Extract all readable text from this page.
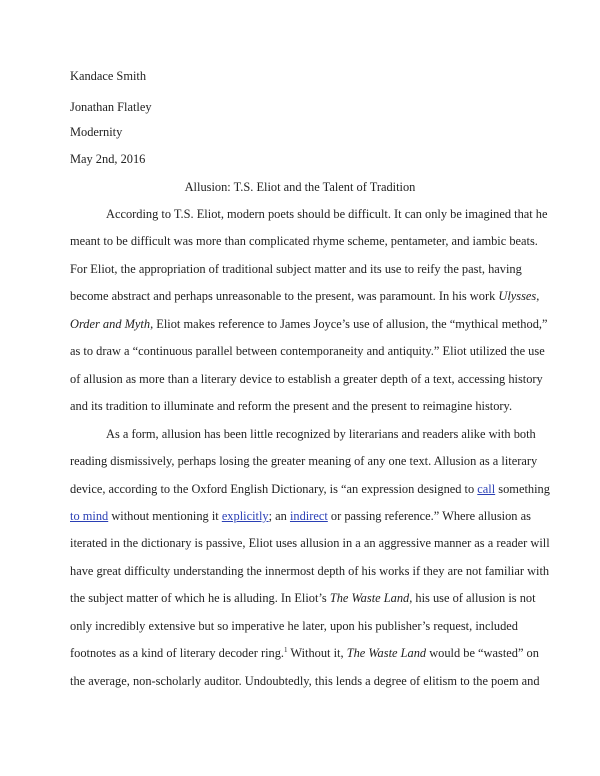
Kandace Smith
Jonathan Flatley
Modernity
May 2nd, 2016
Allusion: T.S. Eliot and the Talent of Tradition
According to T.S. Eliot, modern poets should be difficult. It can only be imagined that he
meant to be difficult was more than complicated rhyme scheme, pentameter, and iambic beats.
For Eliot, the appropriation of traditional subject matter and its use to reify the past, having
become abstract and perhaps unreasonable to the present, was paramount. In his work Ulysses,
Order and Myth, Eliot makes reference to James Joyce’s use of allusion, the “mythical method,”
as to draw a “continuous parallel between contemporaneity and antiquity.” Eliot utilized the use
of allusion as more than a literary device to establish a greater depth of a text, accessing history
and its tradition to illuminate and reform the present and the present to reimagine history.
As a form, allusion has been little recognized by literarians and readers alike with both
reading dismissively, perhaps losing the greater meaning of any one text. Allusion as a literary
device, according to the Oxford English Dictionary, is “an expression designed to call something
to mind without mentioning it explicitly; an indirect or passing reference.” Where allusion as
iterated in the dictionary is passive, Eliot uses allusion in a an aggressive manner as a reader will
have great difficulty understanding the innermost depth of his works if they are not familiar with
the subject matter of which he is alluding. In Eliot’s The Waste Land, his use of allusion is not
only incredibly extensive but so imperative he later, upon his publisher’s request, included
footnotes as a kind of literary decoder ring.$^1$ Without it, The Waste Land would be “wasted” on
the average, non-scholarly auditor. Undoubtedly, this lends a degree of elitism to the poem and
